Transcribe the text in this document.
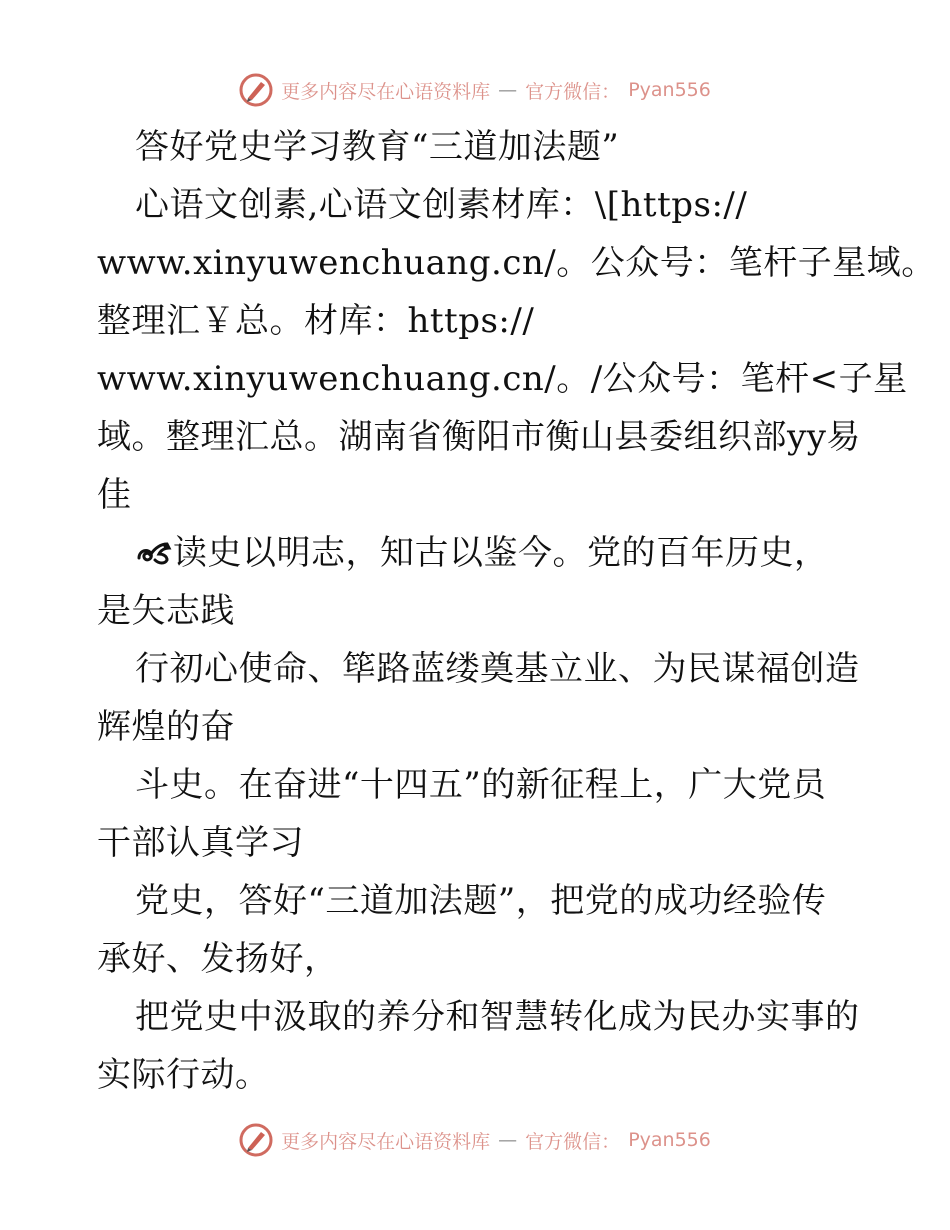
更多内容尽在心语资料库 — 官方微信： Pyan556
答好党史学习教育“三道加法题”
心语文创素,心语文创素材库：\[https://
www.xinyuwenchuang.cn/。公众号：笔杆子星域。
整理汇￥总。材库：https://
www.xinyuwenchuang.cn/。/公众号：笔杆<子星
域。整理汇总。湖南省衡阳市衡山县委组织部yy易
佳
读史以明志，知古以鉴今。党的百年历史，
是矢志践
行初心使命、筚路蓝缕奠基立业、为民谋福创造
辉煌的奋
斗史。在奋进“十四五”的新征程上，广大党员
干部认真学习
党史，答好“三道加法题”，把党的成功经验传
承好、发扬好，
把党史中汲取的养分和智慧转化成为民办实事的
实际行动。
更多内容尽在心语资料库 — 官方微信： Pyan556
